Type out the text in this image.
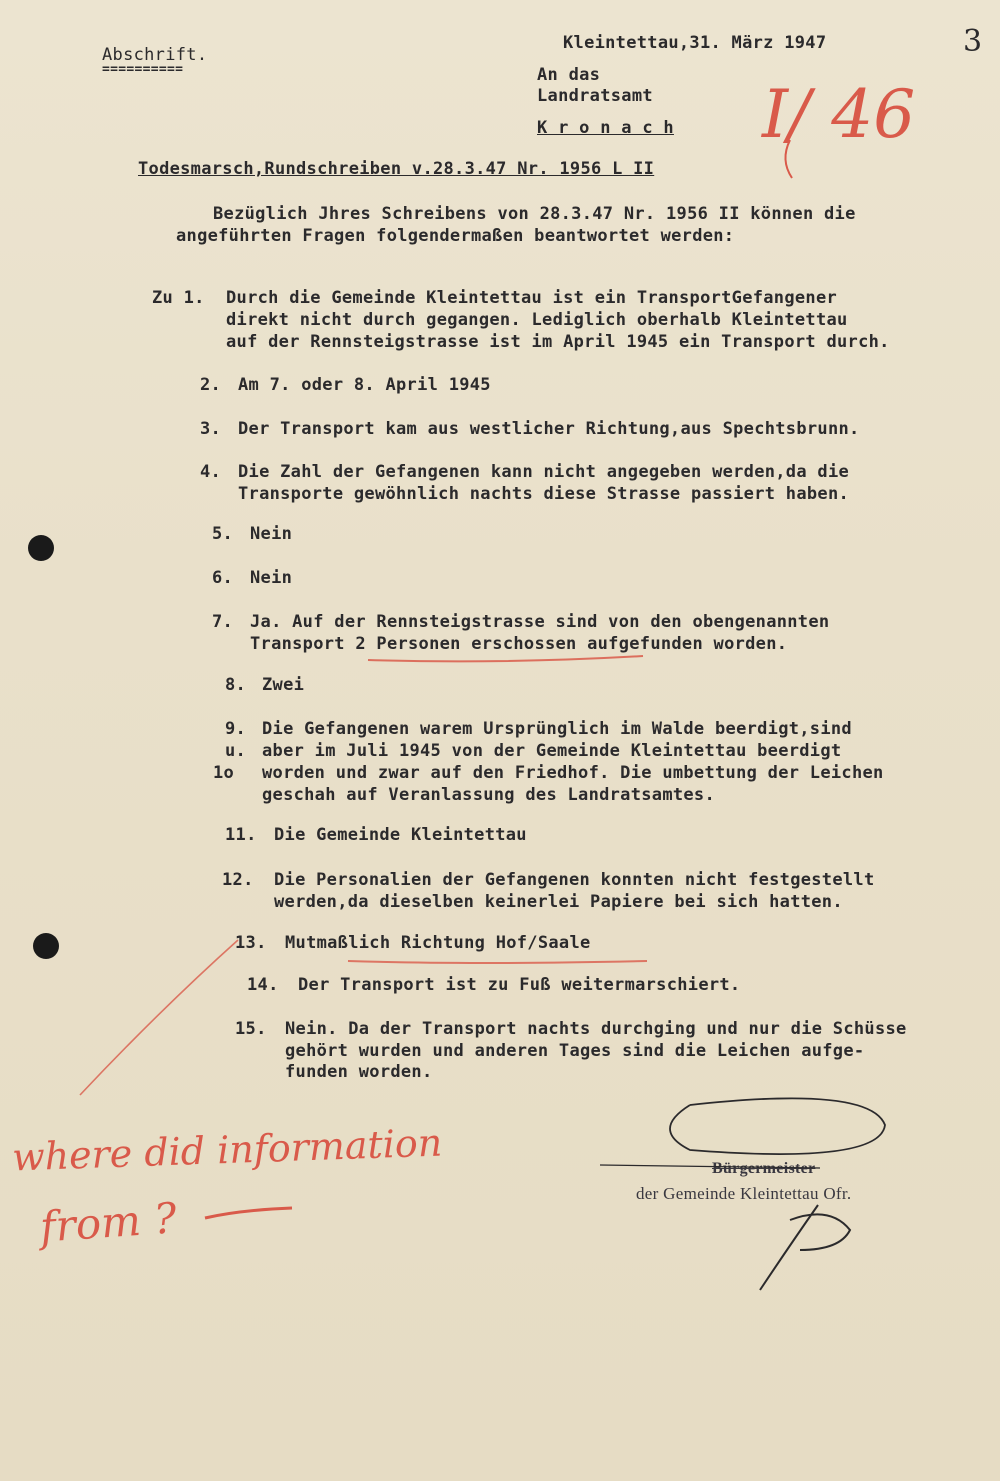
Abschrift.
==========
Kleintettau,31. März 1947	3
An das
Landratsamt
K r o n a c h I/ 46
Todesmarsch,Rundschreiben v.28.3.47 Nr. 1956 L II
Bezüglich Jhres Schreibens von 28.3.47 Nr. 1956 II können die
angeführten Fragen folgendermaßen beantwortet werden:
Zu 1. Durch die Gemeinde Kleintettau ist ein TransportGefangener
direkt nicht durch gegangen. Lediglich oberhalb Kleintettau
auf der Rennsteigstrasse ist im April 1945 ein Transport durch.
2. Am 7. oder 8. April 1945
3. Der Transport kam aus westlicher Richtung,aus Spechtsbrunn.
4. Die Zahl der Gefangenen kann nicht angegeben werden,da die
Transporte gewöhnlich nachts diese Strasse passiert haben.
5. Nein
6. Nein
7. Ja. Auf der Rennsteigstrasse sind von den obengenannten
Transport 2 Personen erschossen aufgefunden worden.
8. Zwei
9.
u.
1o
Die Gefangenen warem Ursprünglich im Walde beerdigt,sind
aber im Juli 1945 von der Gemeinde Kleintettau beerdigt
worden und zwar auf den Friedhof. Die umbettung der Leichen
geschah auf Veranlassung des Landratsamtes.
11. Die Gemeinde Kleintettau
12. Die Personalien der Gefangenen konnten nicht festgestellt
werden,da dieselben keinerlei Papiere bei sich hatten.
13. Mutmaßlich Richtung Hof/Saale
14. Der Transport ist zu Fuß weitermarschiert.
15. Nein. Da der Transport nachts durchging und nur die Schüsse
gehört wurden und anderen Tages sind die Leichen aufge-
funden worden.
Bürgermeister
der Gemeinde Kleintettau Ofr.
where did information
from ?
